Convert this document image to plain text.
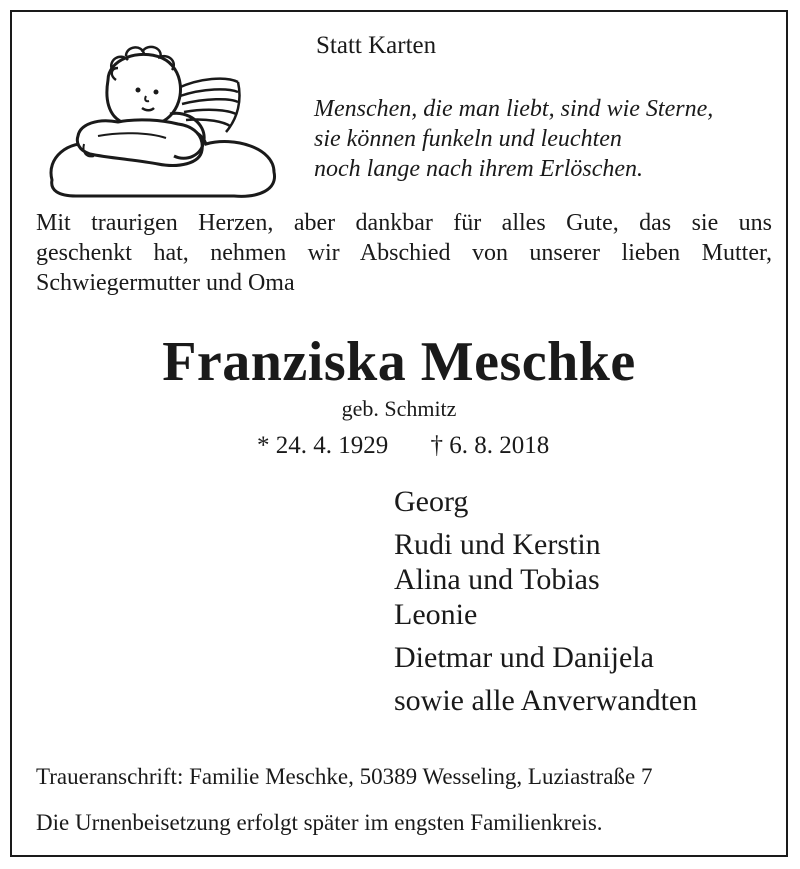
Statt Karten
Menschen, die man liebt, sind wie Sterne,
sie können funkeln und leuchten
noch lange nach ihrem Erlöschen.
Mit traurigen Herzen, aber dankbar für alles Gute, das sie uns
geschenkt hat, nehmen wir Abschied von unserer lieben Mutter,
Schwiegermutter und Oma
Franziska Meschke
geb. Schmitz
* 24. 4. 1929 † 6. 8. 2018
Georg
Rudi und Kerstin
Alina und Tobias
Leonie
Dietmar und Danijela
sowie alle Anverwandten
Traueranschrift: Familie Meschke, 50389 Wesseling, Luziastraße 7
Die Urnenbeisetzung erfolgt später im engsten Familienkreis.
